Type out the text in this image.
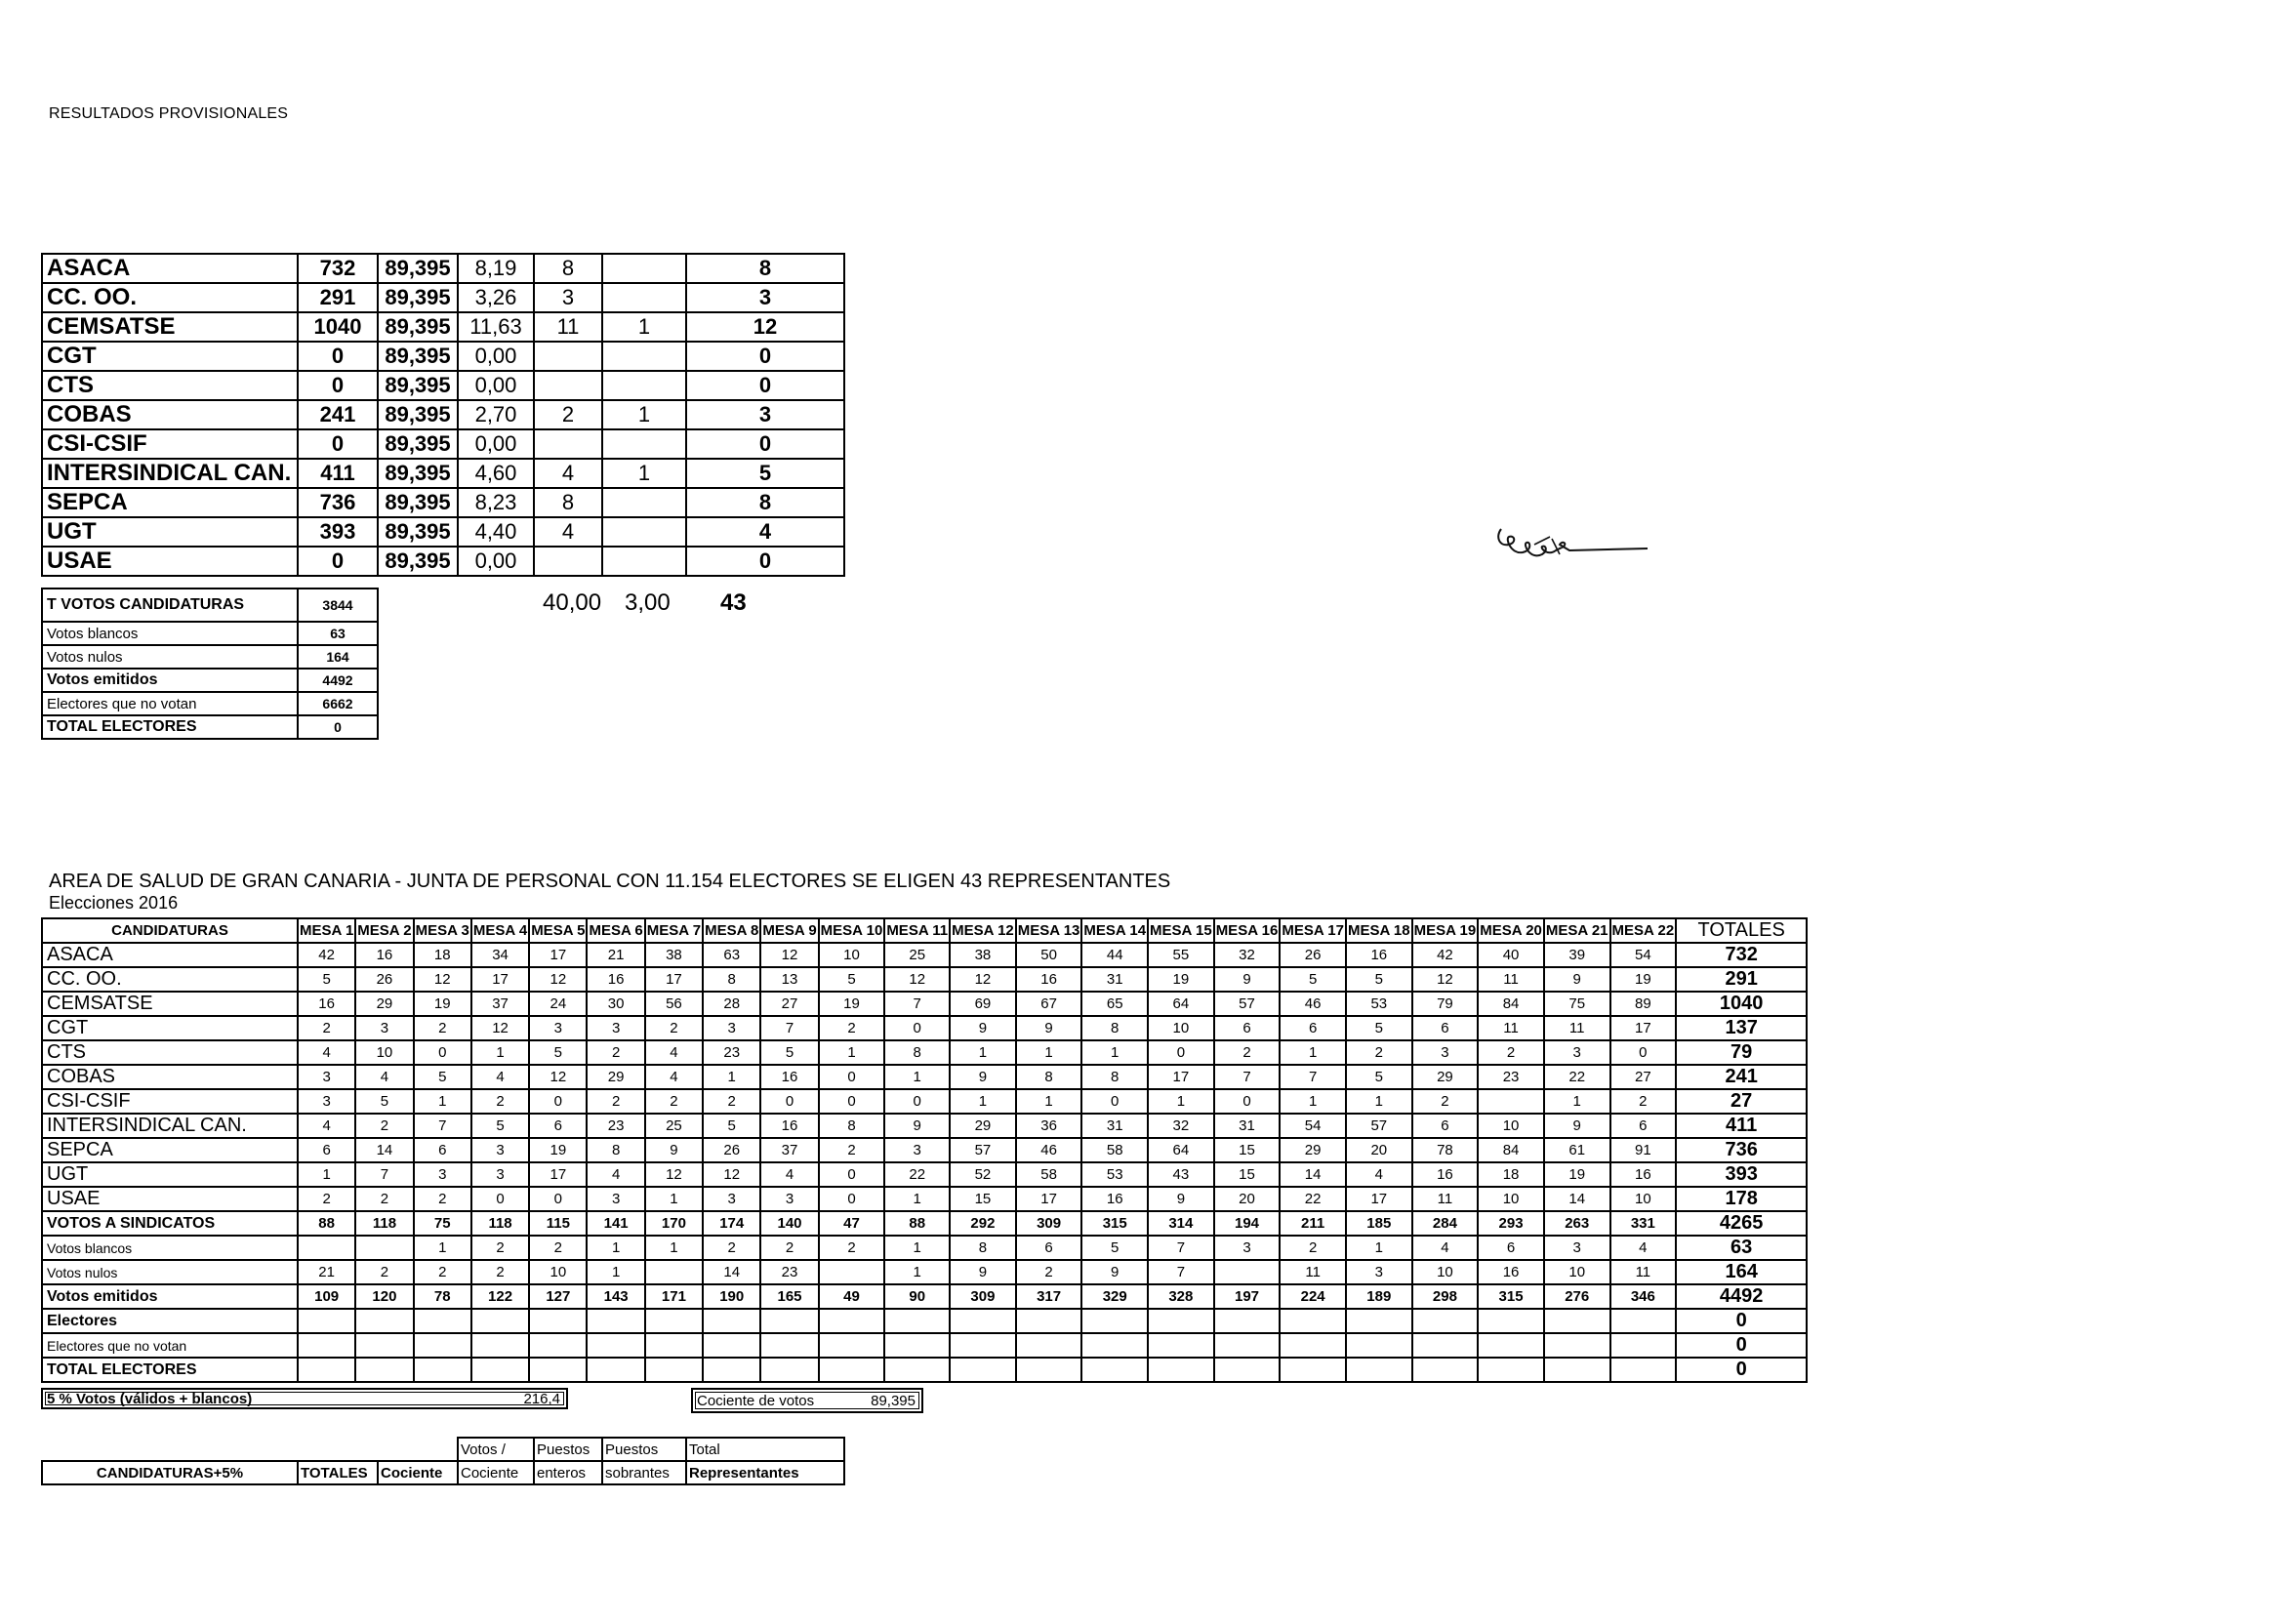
RESULTADOS PROVISIONALES
ASACA	732	89,395	8,19	8		8
CC. OO.	291	89,395	3,26	3		3
CEMSATSE	1040	89,395	11,63	11	1	12
CGT	0	89,395	0,00			0
CTS	0	89,395	0,00			0
COBAS	241	89,395	2,70	2	1	3
CSI-CSIF	0	89,395	0,00			0
INTERSINDICAL CAN.	411	89,395	4,60	4	1	5
SEPCA	736	89,395	8,23	8		8
UGT	393	89,395	4,40	4		4
USAE	0	89,395	0,00			0
T VOTOS CANDIDATURAS	3844
Votos blancos	63
Votos nulos	164
Votos emitidos	4492
Electores que no votan	6662
TOTAL ELECTORES	0
40,00 3,00 43
AREA DE SALUD DE GRAN CANARIA - JUNTA DE PERSONAL CON 11.154 ELECTORES SE ELIGEN 43 REPRESENTANTES
Elecciones 2016
CANDIDATURAS	MESA 1	MESA 2	MESA 3	MESA 4	MESA 5	MESA 6	MESA 7	MESA 8	MESA 9	MESA 10	MESA 11	MESA 12	MESA 13	MESA 14	MESA 15	MESA 16	MESA 17	MESA 18	MESA 19	MESA 20	MESA 21	MESA 22	TOTALES
ASACA	42	16	18	34	17	21	38	63	12	10	25	38	50	44	55	32	26	16	42	40	39	54	732
CC. OO.	5	26	12	17	12	16	17	8	13	5	12	12	16	31	19	9	5	5	12	11	9	19	291
CEMSATSE	16	29	19	37	24	30	56	28	27	19	7	69	67	65	64	57	46	53	79	84	75	89	1040
CGT	2	3	2	12	3	3	2	3	7	2	0	9	9	8	10	6	6	5	6	11	11	17	137
CTS	4	10	0	1	5	2	4	23	5	1	8	1	1	1	0	2	1	2	3	2	3	0	79
COBAS	3	4	5	4	12	29	4	1	16	0	1	9	8	8	17	7	7	5	29	23	22	27	241
CSI-CSIF	3	5	1	2	0	2	2	2	0	0	0	1	1	0	1	0	1	1	2		1	2	27
INTERSINDICAL CAN.	4	2	7	5	6	23	25	5	16	8	9	29	36	31	32	31	54	57	6	10	9	6	411
SEPCA	6	14	6	3	19	8	9	26	37	2	3	57	46	58	64	15	29	20	78	84	61	91	736
UGT	1	7	3	3	17	4	12	12	4	0	22	52	58	53	43	15	14	4	16	18	19	16	393
USAE	2	2	2	0	0	3	1	3	3	0	1	15	17	16	9	20	22	17	11	10	14	10	178
VOTOS A SINDICATOS	88	118	75	118	115	141	170	174	140	47	88	292	309	315	314	194	211	185	284	293	263	331	4265
Votos blancos			1	2	2	1	1	2	2	2	1	8	6	5	7	3	2	1	4	6	3	4	63
Votos nulos	21	2	2	2	10	1		14	23		1	9	2	9	7		11	3	10	16	10	11	164
Votos emitidos	109	120	78	122	127	143	171	190	165	49	90	309	317	329	328	197	224	189	298	315	276	346	4492
Electores																							0
Electores que no votan																							0
TOTAL ELECTORES																							0
5 % Votos (válidos + blancos)	216,4	Cociente de votos	89,395
			Votos /	Puestos	Puestos	Total
CANDIDATURAS+5%	TOTALES	Cociente	Cociente	enteros	sobrantes	Representantes
